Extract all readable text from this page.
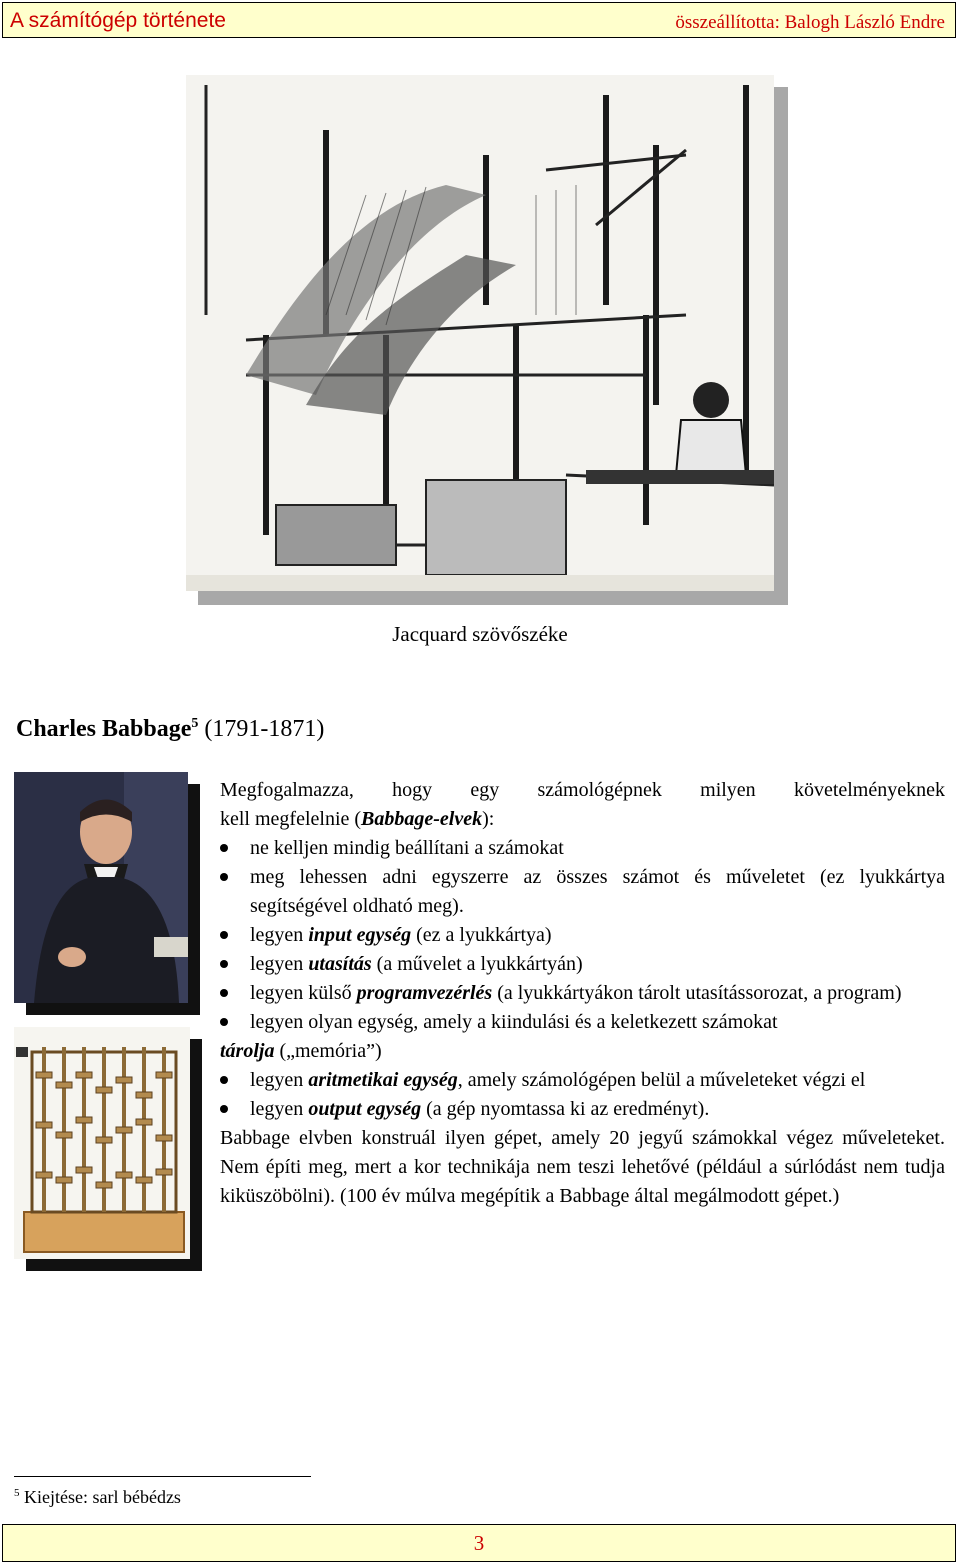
A számítógép története	összeállította: Balogh László Endre
Jacquard szövőszéke
Charles Babbage$^5$ (1791-1871)

Megfogalmazza, hogy egy számológépnek milyen követelményeknek

kell megfelelnie (Babbage-elvek):

ne kelljen mindig beállítani a számokat
meg lehessen adni egyszerre az összes számot és műveletet (ez lyukkártya segítségével oldható meg).
legyen input egység (ez a lyukkártya)
legyen utasítás (a művelet a lyukkártyán)
legyen külső programvezérlés (a lyukkártyákon tárolt utasítássorozat, a program)
legyen olyan egység, amely a kiindulási és a keletkezett számokat

tárolja („memória”)

legyen aritmetikai egység, amely számológépen belül a műveleteket végzi el
legyen output egység (a gép nyomtassa ki az eredményt).

Babbage elvben konstruál ilyen gépet, amely 20 jegyű számokkal végez műveleteket. Nem építi meg, mert a kor technikája nem teszi lehetővé (például a súrlódást nem tudja kiküszöbölni). (100 év múlva megépítik a Babbage által megálmodott gépet.)

$^5$ Kiejtése: sarl bébédzs
3
